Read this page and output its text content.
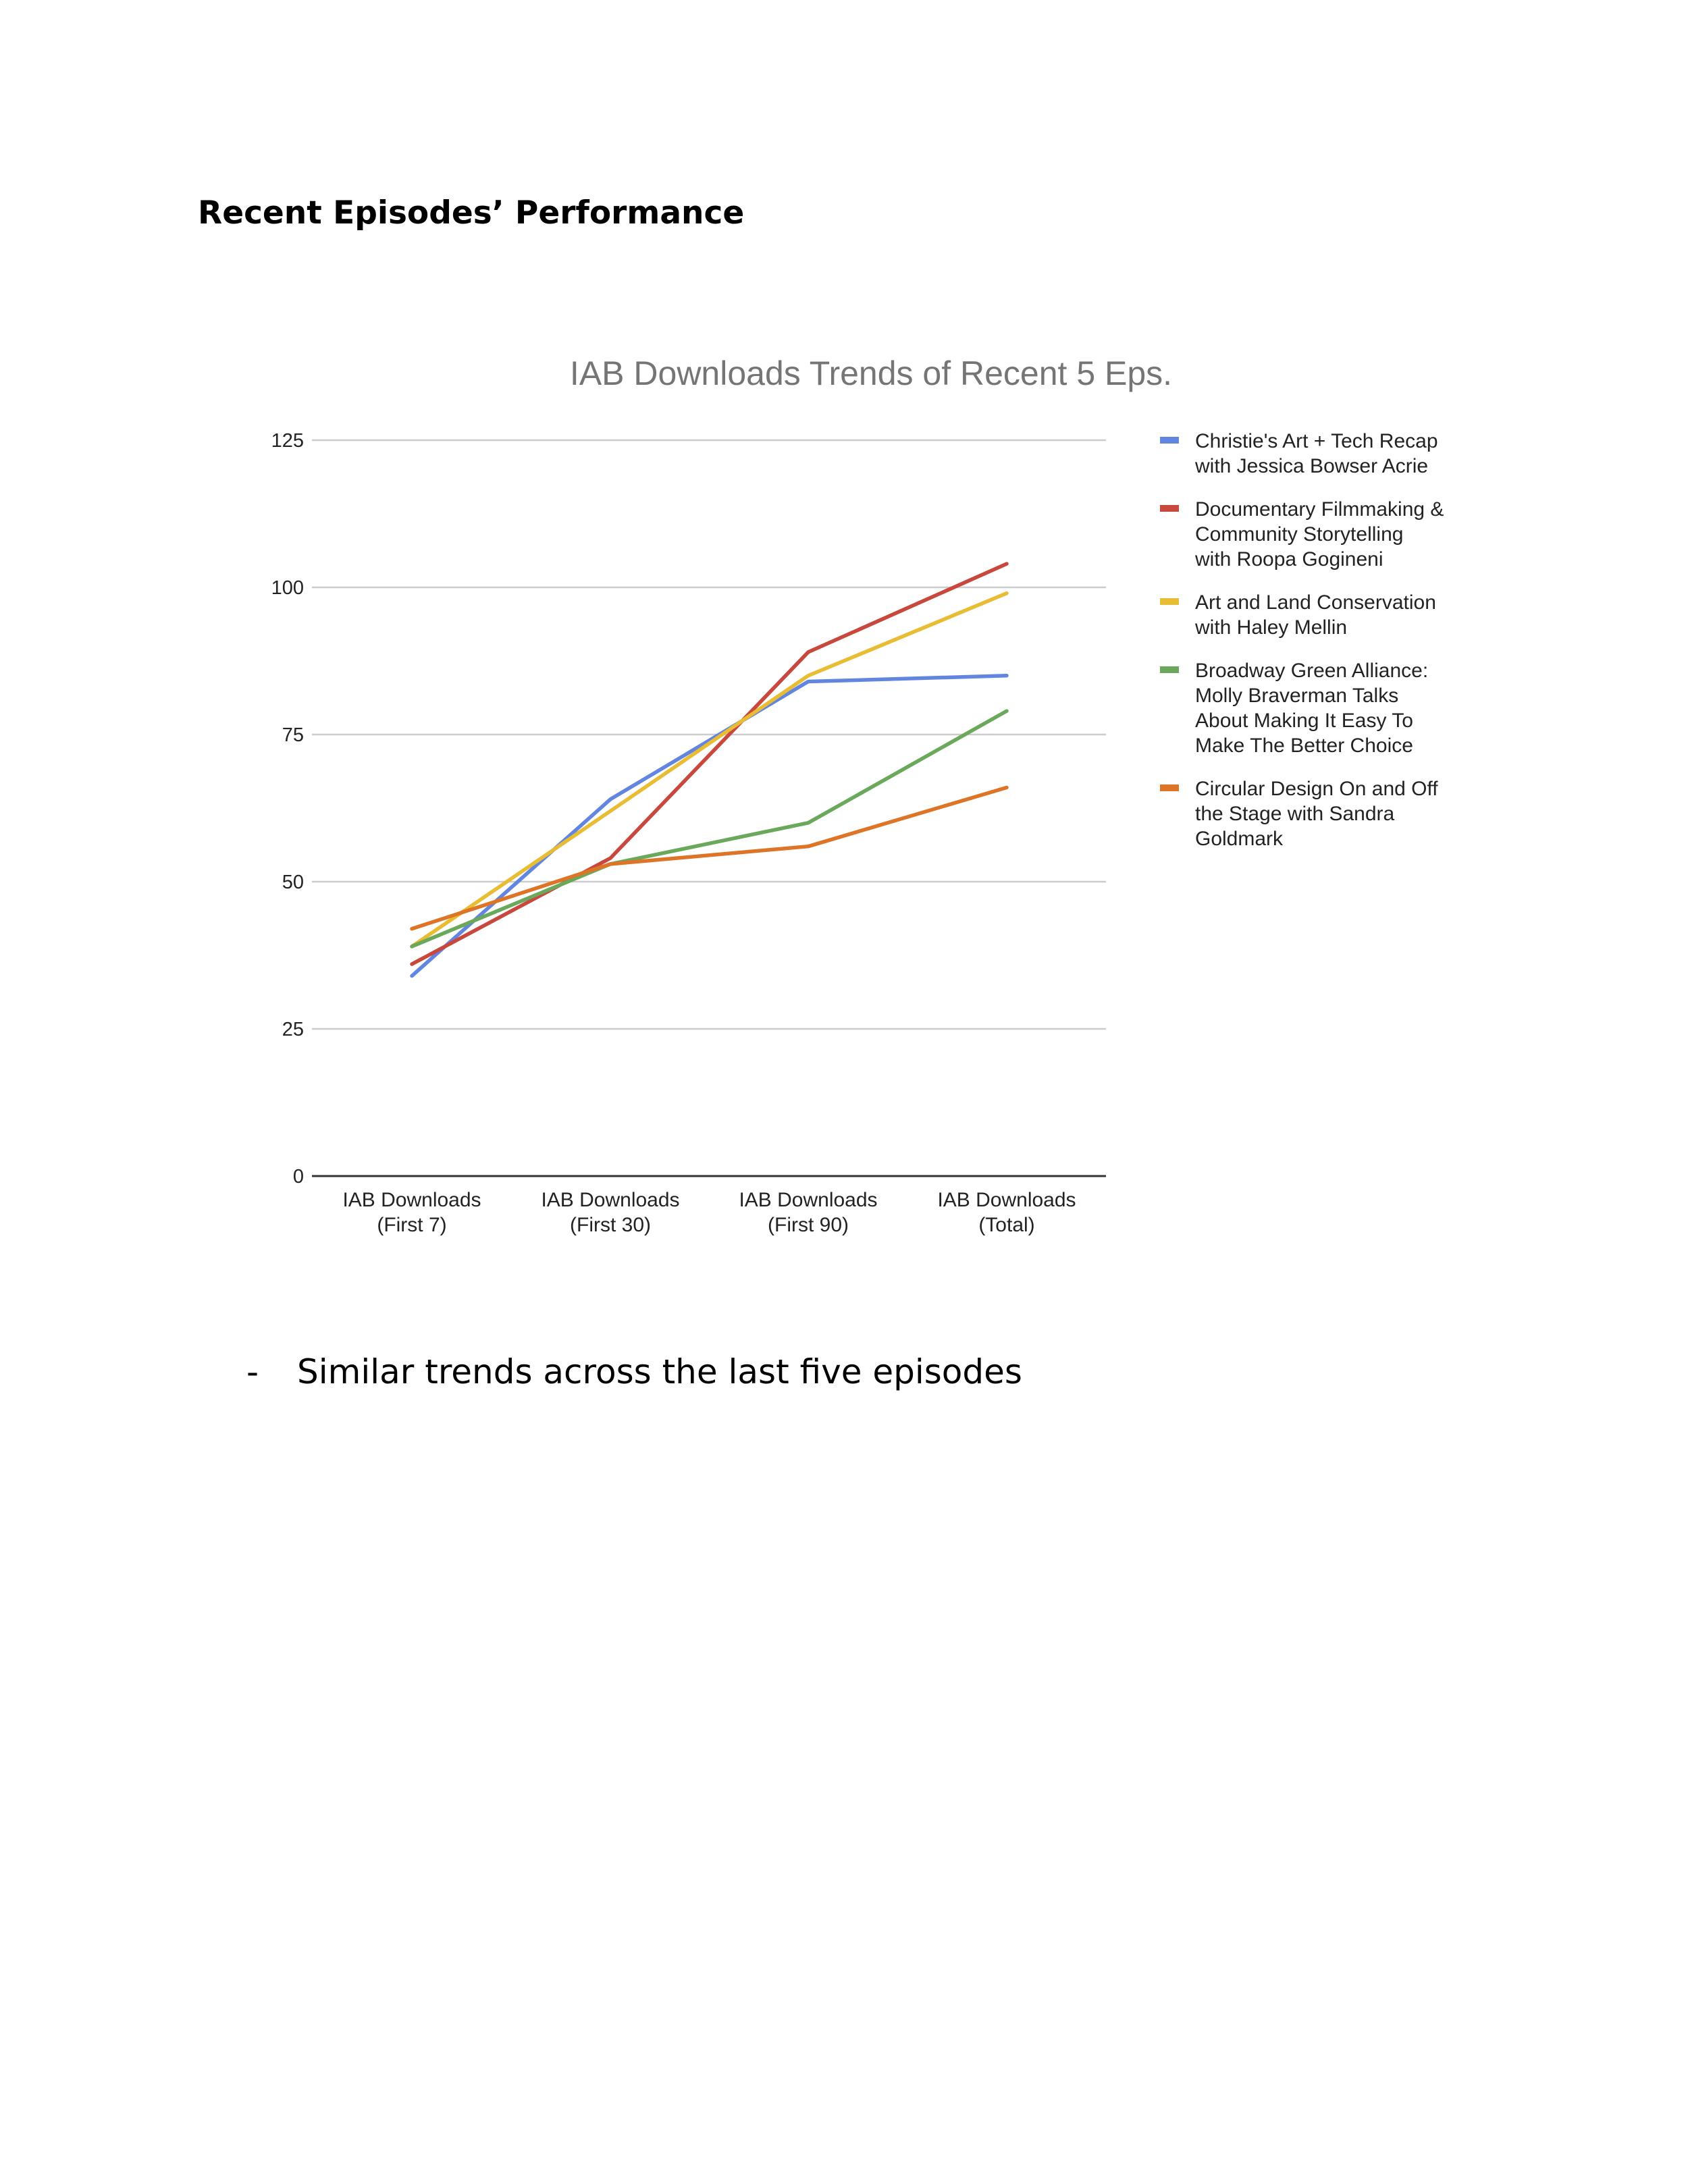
Recent Episodes’ Performance
IAB Downloads Trends of Recent 5 Eps.
0
25
50
75
100
125
IAB Downloads
(First 7)
IAB Downloads
(First 30)
IAB Downloads
(First 90)
IAB Downloads
(Total)
Christie's Art + Tech Recap
with Jessica Bowser Acrie
Documentary Filmmaking &
Community Storytelling
with Roopa Gogineni
Art and Land Conservation
with Haley Mellin
Broadway Green Alliance:
Molly Braverman Talks
About Making It Easy To
Make The Better Choice
Circular Design On and Off
the Stage with Sandra
Goldmark
- Similar trends across the last five episodes
